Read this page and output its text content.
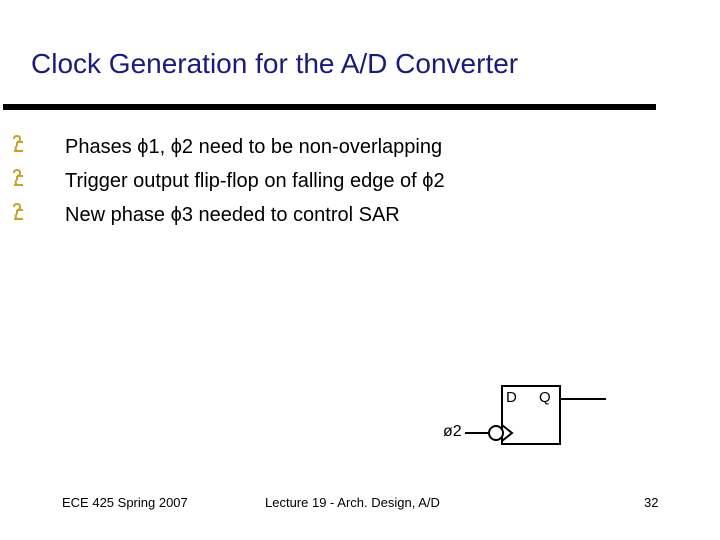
Clock Generation for the A/D Converter
Phases ϕ1, ϕ2 need to be non-overlapping
Trigger output flip-flop on falling edge of ϕ2
New phase ϕ3 needed to control SAR
D Q
ø2
ECE 425 Spring 2007	Lecture 19 - Arch. Design, A/D	32
